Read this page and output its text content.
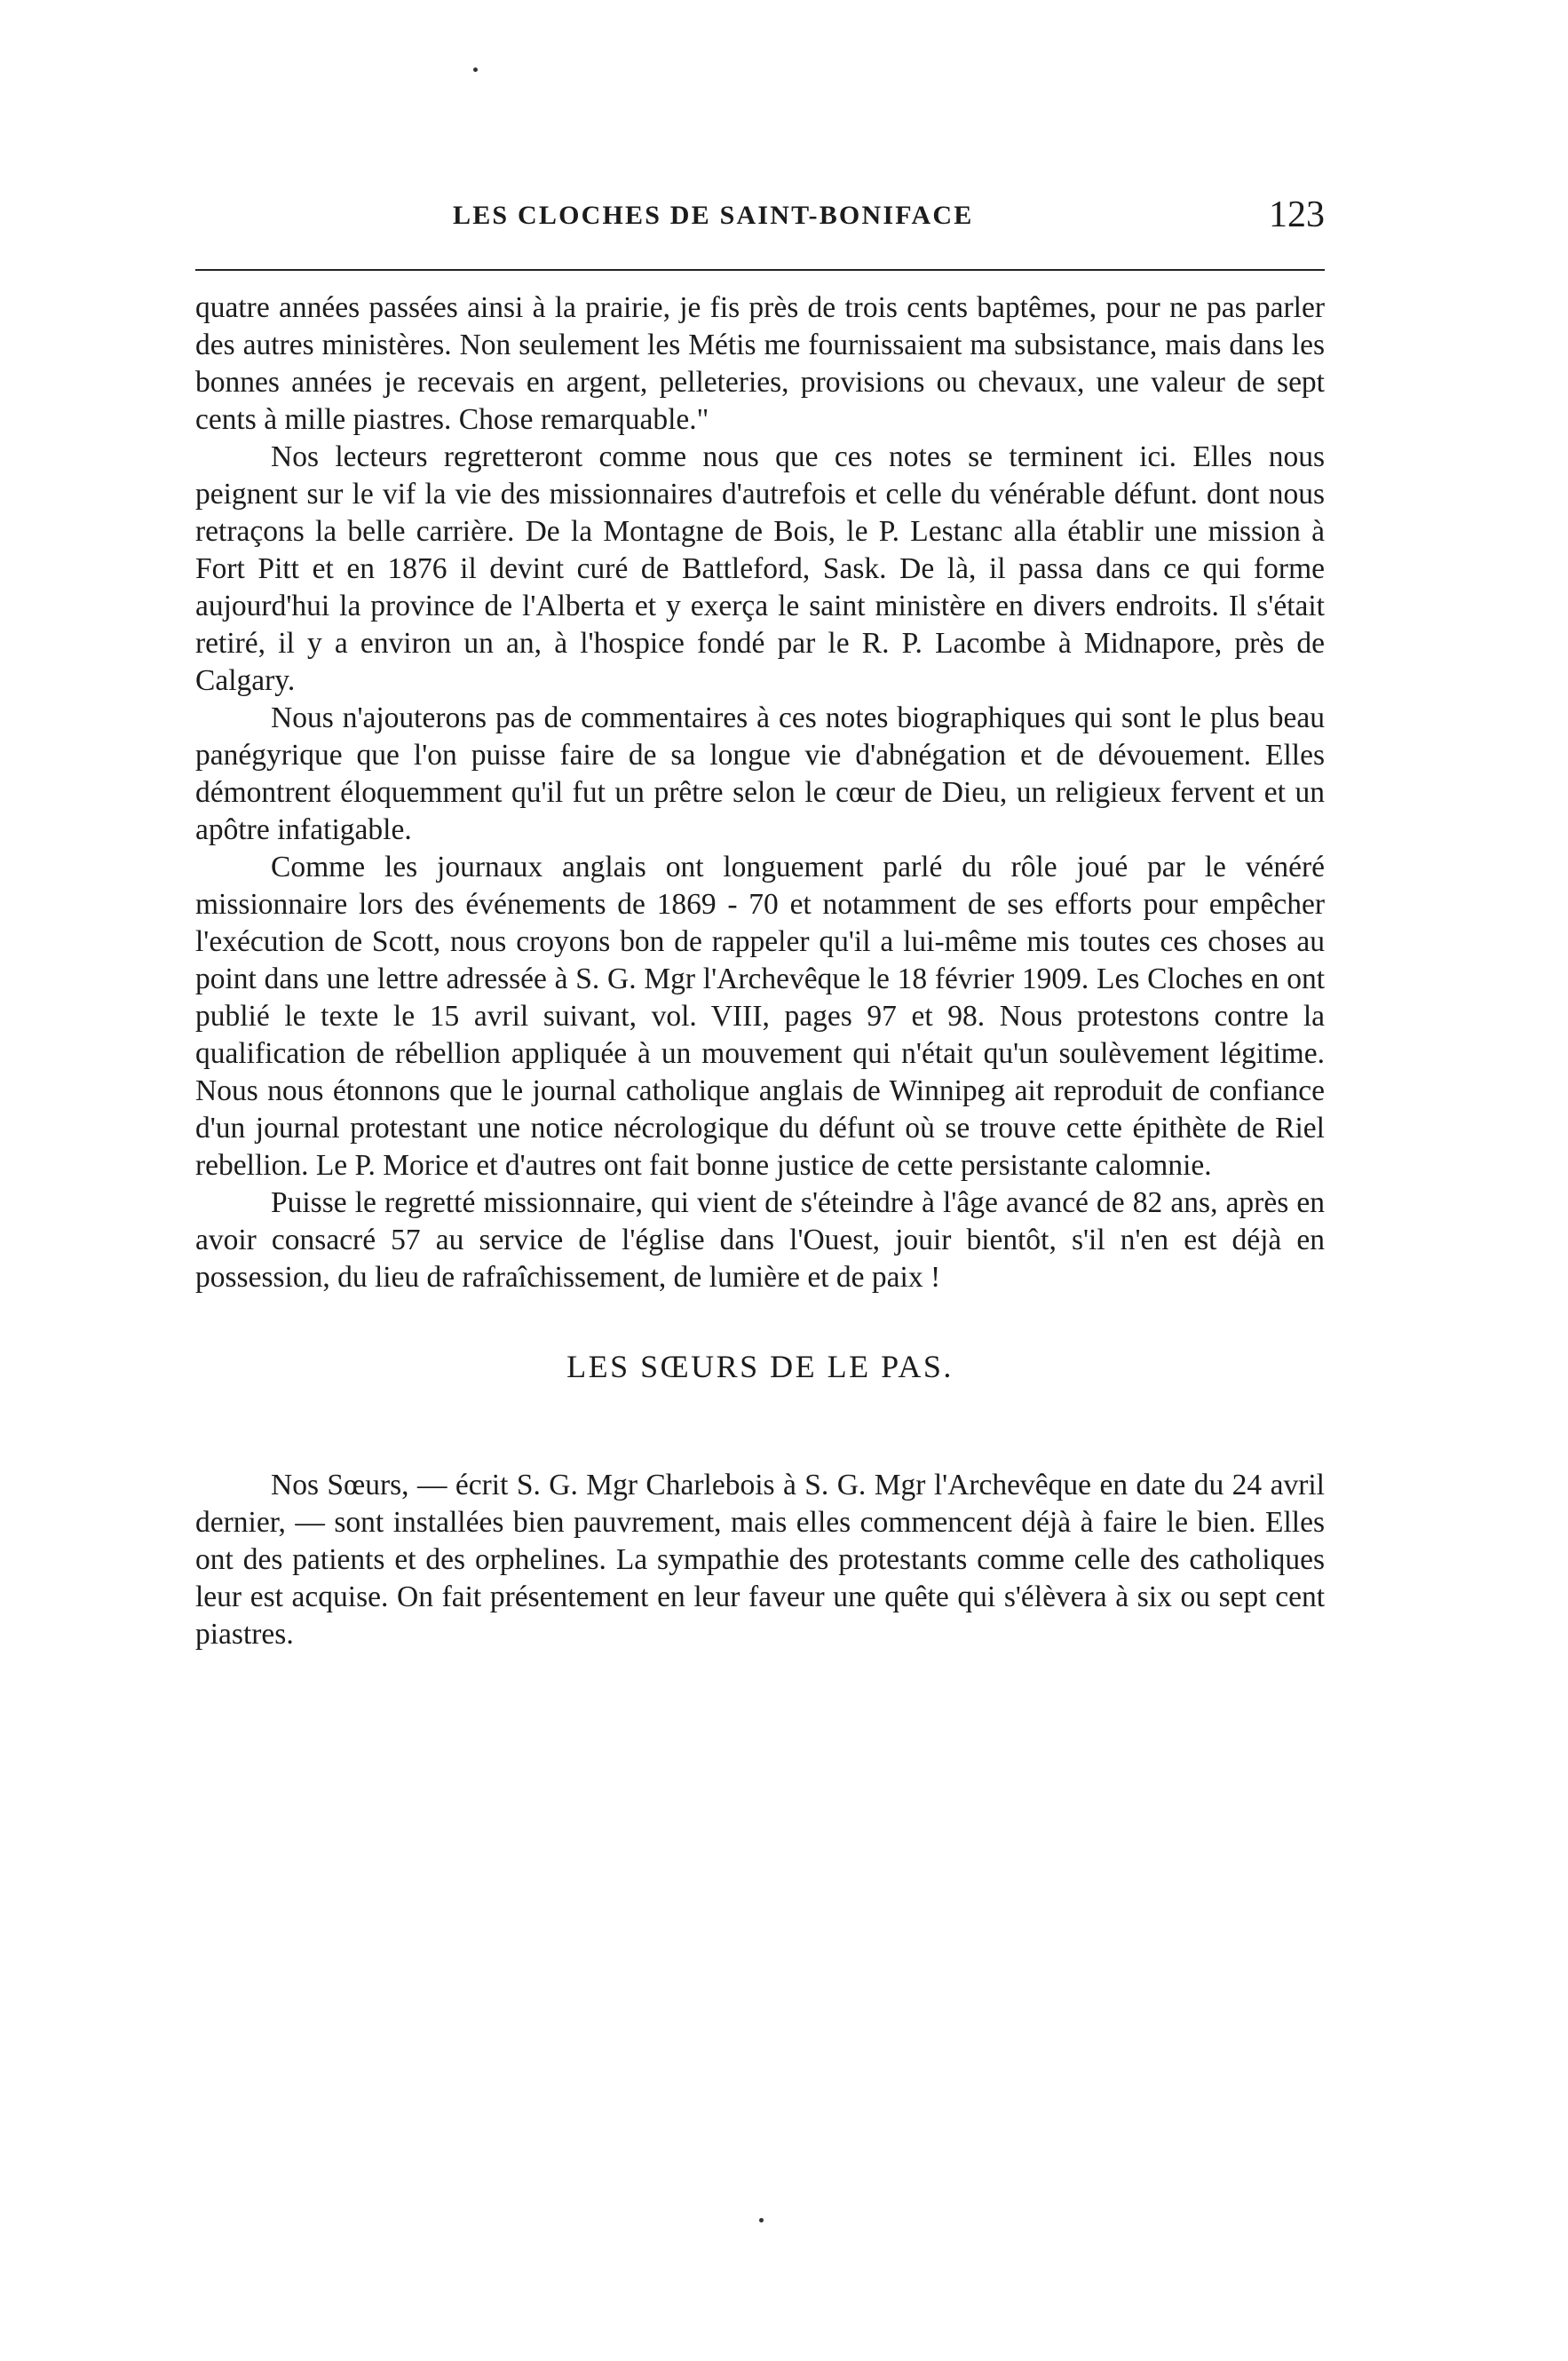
LES CLOCHES DE SAINT-BONIFACE	123

quatre années passées ainsi à la prairie, je fis près de trois cents baptêmes, pour ne pas parler des autres ministères. Non seulement les Métis me fournissaient ma subsistance, mais dans les bonnes années je recevais en argent, pelleteries, provisions ou chevaux, une valeur de sept cents à mille piastres. Chose remarquable."

Nos lecteurs regretteront comme nous que ces notes se terminent ici. Elles nous peignent sur le vif la vie des missionnaires d'autrefois et celle du vénérable défunt. dont nous retraçons la belle carrière. De la Montagne de Bois, le P. Lestanc alla établir une mission à Fort Pitt et en 1876 il devint curé de Battleford, Sask. De là, il passa dans ce qui forme aujourd'hui la province de l'Alberta et y exerça le saint ministère en divers endroits. Il s'était retiré, il y a environ un an, à l'hospice fondé par le R. P. Lacombe à Midnapore, près de Calgary.

Nous n'ajouterons pas de commentaires à ces notes biographiques qui sont le plus beau panégyrique que l'on puisse faire de sa longue vie d'abnégation et de dévouement. Elles démontrent éloquemment qu'il fut un prêtre selon le cœur de Dieu, un religieux fervent et un apôtre infatigable.

Comme les journaux anglais ont longuement parlé du rôle joué par le vénéré missionnaire lors des événements de 1869 - 70 et notamment de ses efforts pour empêcher l'exécution de Scott, nous croyons bon de rappeler qu'il a lui-même mis toutes ces choses au point dans une lettre adressée à S. G. Mgr l'Archevêque le 18 février 1909. Les Cloches en ont publié le texte le 15 avril suivant, vol. VIII, pages 97 et 98. Nous protestons contre la qualification de rébellion appliquée à un mouvement qui n'était qu'un soulèvement légitime. Nous nous étonnons que le journal catholique anglais de Winnipeg ait reproduit de confiance d'un journal protestant une notice nécrologique du défunt où se trouve cette épithète de Riel rebellion. Le P. Morice et d'autres ont fait bonne justice de cette persistante calomnie.

Puisse le regretté missionnaire, qui vient de s'éteindre à l'âge avancé de 82 ans, après en avoir consacré 57 au service de l'église dans l'Ouest, jouir bientôt, s'il n'en est déjà en possession, du lieu de rafraîchissement, de lumière et de paix !

LES SŒURS DE LE PAS.

Nos Sœurs, — écrit S. G. Mgr Charlebois à S. G. Mgr l'Archevêque en date du 24 avril dernier, — sont installées bien pauvrement, mais elles commencent déjà à faire le bien. Elles ont des patients et des orphelines. La sympathie des protestants comme celle des catholiques leur est acquise. On fait présentement en leur faveur une quête qui s'élèvera à six ou sept cent piastres.
